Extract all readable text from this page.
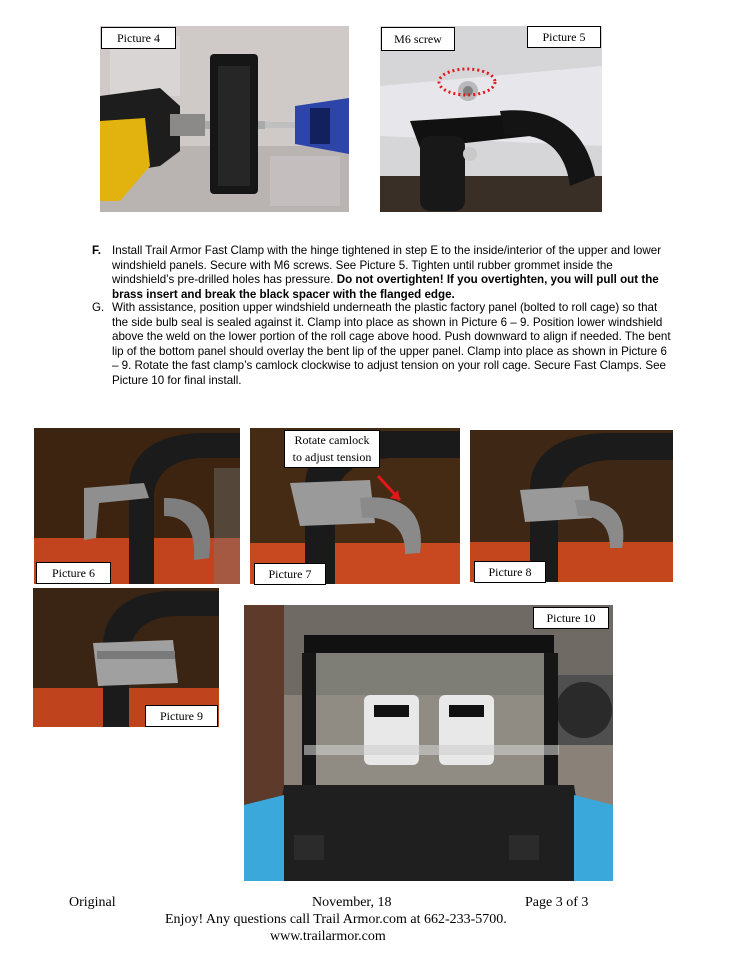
Picture 4	M6 screw	Picture 5
F. Install Trail Armor Fast Clamp with the hinge tightened in step E to the inside/interior of the upper and lower windshield panels. Secure with M6 screws. See Picture 5. Tighten until rubber grommet inside the windshield’s pre-drilled holes has pressure. Do not overtighten! If you overtighten, you will pull out the brass insert and break the black spacer with the flanged edge.
G. With assistance, position upper windshield underneath the plastic factory panel (bolted to roll cage) so that the side bulb seal is sealed against it. Clamp into place as shown in Picture 6 – 9. Position lower windshield above the weld on the lower portion of the roll cage above hood. Push downward to align if needed. The bent lip of the bottom panel should overlay the bent lip of the upper panel. Clamp into place as shown in Picture 6 – 9. Rotate the fast clamp’s camlock clockwise to adjust tension on your roll cage. Secure Fast Clamps. See Picture 10 for final install.
Picture 6
Rotate camlock
to adjust tension
Picture 7	Picture 8
Picture 9
Picture 10
Original	November, 18	Page 3 of 3
Enjoy! Any questions call Trail Armor.com at 662-233-5700.
www.trailarmor.com
